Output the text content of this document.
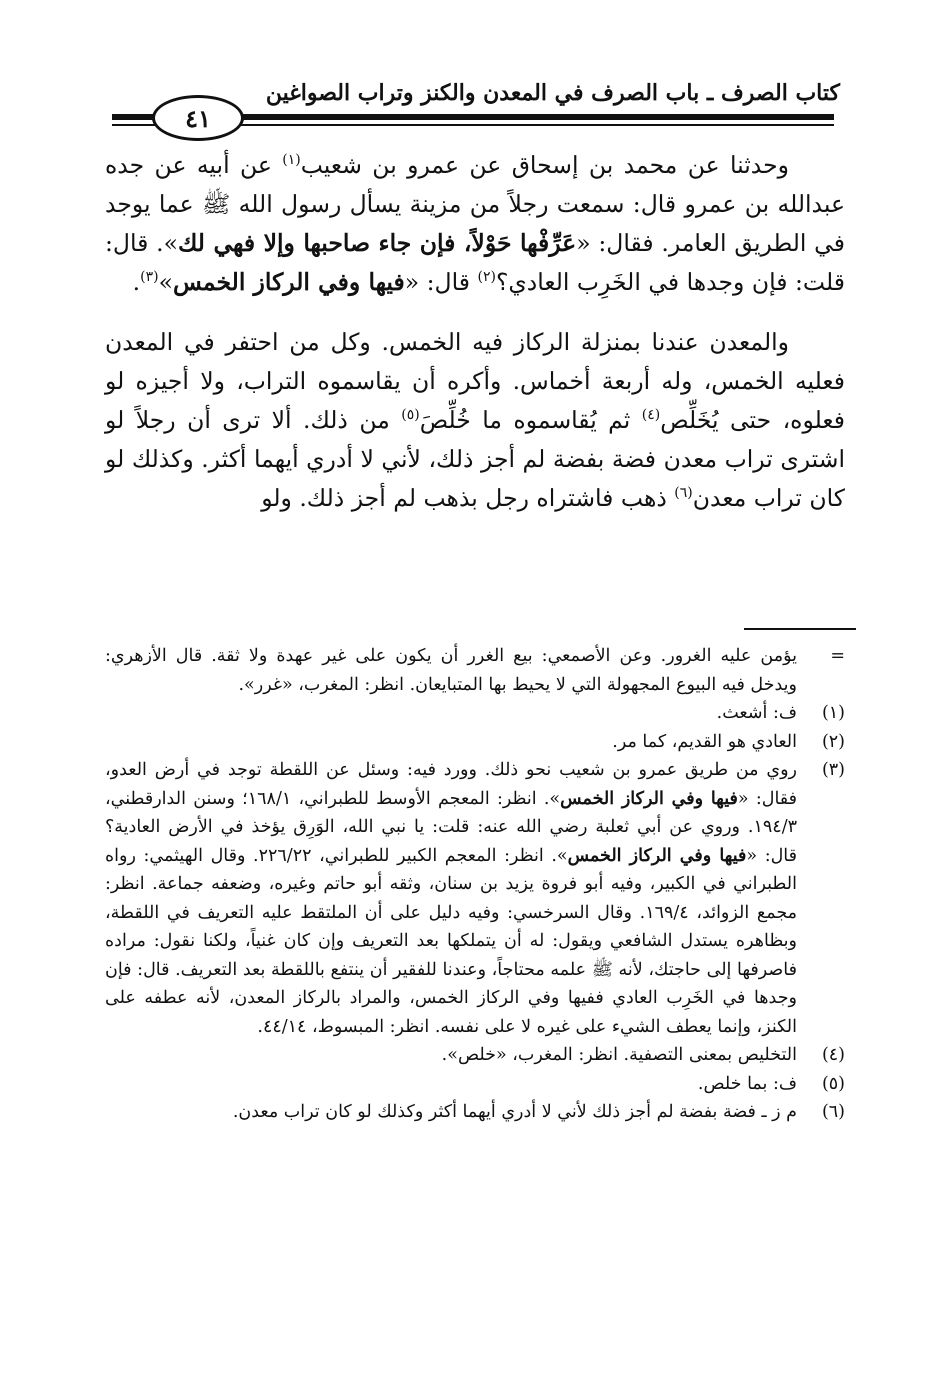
كتاب الصرف ـ باب الصرف في المعدن والكنز وتراب الصواغين
٤١

وحدثنا عن محمد بن إسحاق عن عمرو بن شعيب$^{(١)}$ عن أبيه عن جده عبدالله بن عمرو قال: سمعت رجلاً من مزينة يسأل رسول الله ﷺ عما يوجد في الطريق العامر. فقال: «عَرِّفْها حَوْلاً، فإن جاء صاحبها وإلا فهي لك». قال: قلت: فإن وجدها في الخَرِب العادي؟$^{(٢)}$ قال: «فيها وفي الركاز الخمس»$^{(٣)}$.

والمعدن عندنا بمنزلة الركاز فيه الخمس. وكل من احتفر في المعدن فعليه الخمس، وله أربعة أخماس. وأكره أن يقاسموه التراب، ولا أجيزه لو فعلوه، حتى يُخَلِّص$^{(٤)}$ ثم يُقاسموه ما خُلِّصَ$^{(٥)}$ من ذلك. ألا ترى أن رجلاً لو اشترى تراب معدن فضة بفضة لم أجز ذلك، لأني لا أدري أيهما أكثر. وكذلك لو كان تراب معدن$^{(٦)}$ ذهب فاشتراه رجل بذهب لم أجز ذلك. ولو

=
يؤمن عليه الغرور. وعن الأصمعي: بيع الغرر أن يكون على غير عهدة ولا ثقة. قال الأزهري: ويدخل فيه البيوع المجهولة التي لا يحيط بها المتبايعان. انظر: المغرب، «غرر».
(١)
ف: أشعث.
(٢)
العادي هو القديم، كما مر.
(٣)
روي من طريق عمرو بن شعيب نحو ذلك. وورد فيه: وسئل عن اللقطة توجد في أرض العدو، فقال: «فيها وفي الركاز الخمس». انظر: المعجم الأوسط للطبراني، ١٦٨/١؛ وسنن الدارقطني، ١٩٤/٣. وروي عن أبي ثعلبة رضي الله عنه: قلت: يا نبي الله، الوَرِق يؤخذ في الأرض العادية؟ قال: «فيها وفي الركاز الخمس». انظر: المعجم الكبير للطبراني، ٢٢٦/٢٢. وقال الهيثمي: رواه الطبراني في الكبير، وفيه أبو فروة يزيد بن سنان، وثقه أبو حاتم وغيره، وضعفه جماعة. انظر: مجمع الزوائد، ١٦٩/٤. وقال السرخسي: وفيه دليل على أن الملتقط عليه التعريف في اللقطة، وبظاهره يستدل الشافعي ويقول: له أن يتملكها بعد التعريف وإن كان غنياً، ولكنا نقول: مراده فاصرفها إلى حاجتك، لأنه ﷺ علمه محتاجاً، وعندنا للفقير أن ينتفع باللقطة بعد التعريف. قال: فإن وجدها في الخَرِب العادي ففيها وفي الركاز الخمس، والمراد بالركاز المعدن، لأنه عطفه على الكنز، وإنما يعطف الشيء على غيره لا على نفسه. انظر: المبسوط، ٤٤/١٤.
(٤)
التخليص بمعنى التصفية. انظر: المغرب، «خلص».
(٥)
ف: بما خلص.
(٦)
م ز ـ فضة بفضة لم أجز ذلك لأني لا أدري أيهما أكثر وكذلك لو كان تراب معدن.
